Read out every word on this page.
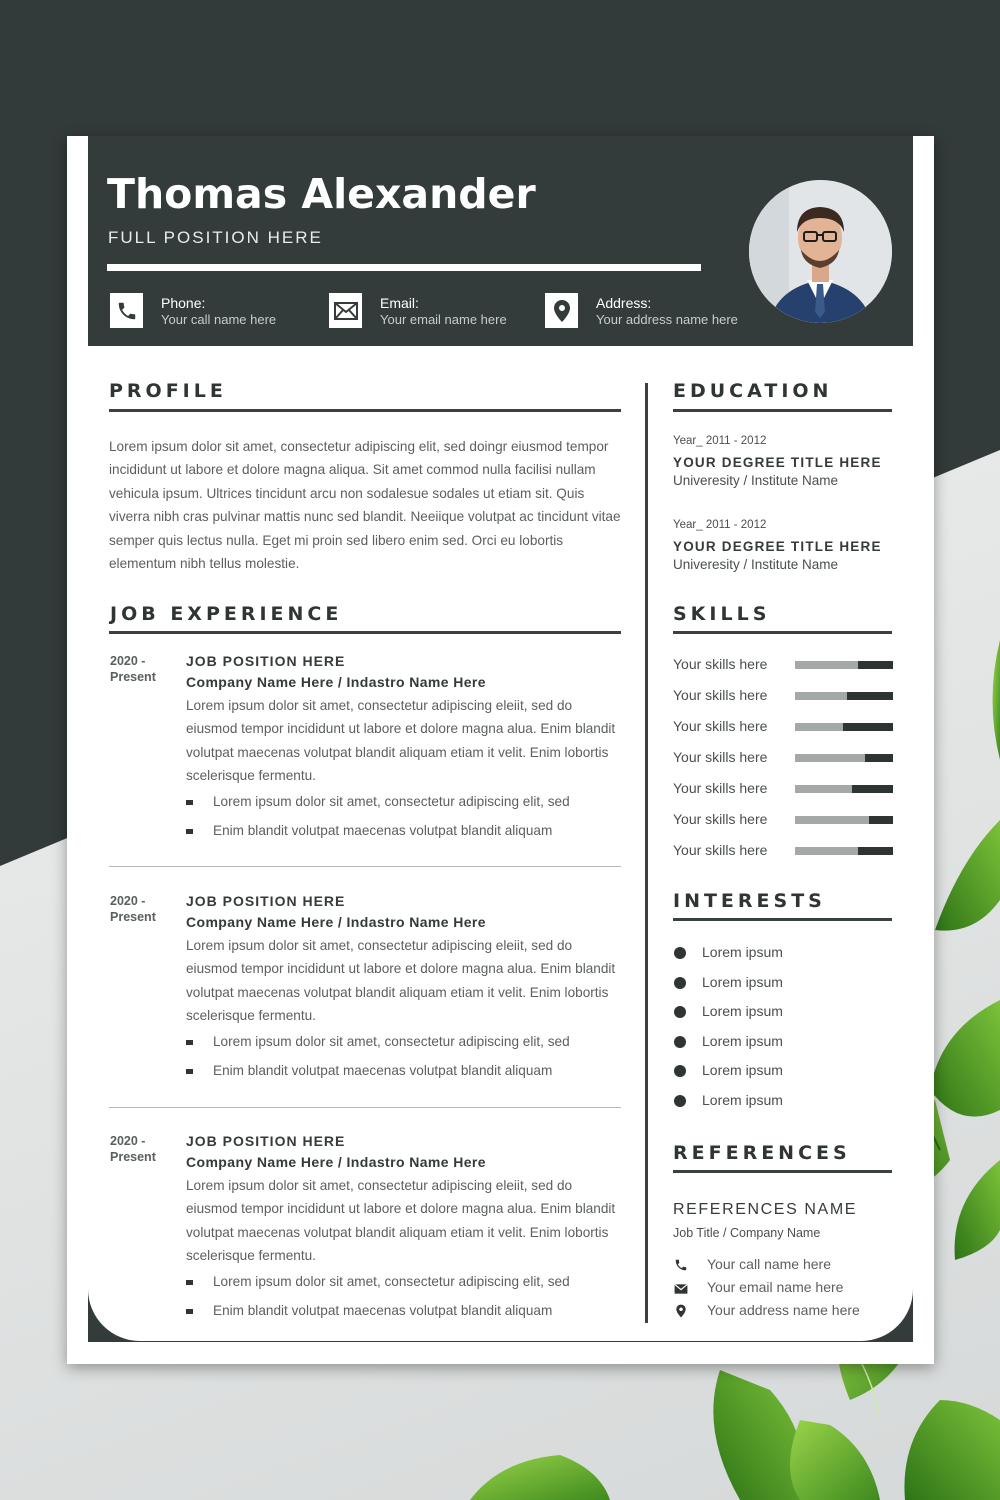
Thomas Alexander
FULL POSITION HERE
Phone:
Your call name here
Email:
Your email name here
Address:
Your address name here
PROFILE
Lorem ipsum dolor sit amet, consectetur adipiscing elit, sed doingr eiusmod tempor incididunt ut labore et dolore magna aliqua. Sit amet commod nulla facilisi nullam vehicula ipsum. Ultrices tincidunt arcu non sodalesue sodales ut etiam sit. Quis viverra nibh cras pulvinar mattis nunc sed blandit. Neeiique volutpat ac tincidunt vitae semper quis lectus nulla. Eget mi proin sed libero enim sed. Orci eu lobortis elementum nibh tellus molestie.
JOB EXPERIENCE
2020 -
Present
JOB POSITION HERE
Company Name Here / Indastro Name Here
Lorem ipsum dolor sit amet, consectetur adipiscing eleiit, sed do eiusmod tempor incididunt ut labore et dolore magna alua. Enim blandit volutpat maecenas volutpat blandit aliquam etiam it velit. Enim lobortis scelerisque fermentu.
Lorem ipsum dolor sit amet, consectetur adipiscing elit, sed
Enim blandit volutpat maecenas volutpat blandit aliquam
2020 -
Present
JOB POSITION HERE
Company Name Here / Indastro Name Here
Lorem ipsum dolor sit amet, consectetur adipiscing eleiit, sed do eiusmod tempor incididunt ut labore et dolore magna alua. Enim blandit volutpat maecenas volutpat blandit aliquam etiam it velit. Enim lobortis scelerisque fermentu.
Lorem ipsum dolor sit amet, consectetur adipiscing elit, sed
Enim blandit volutpat maecenas volutpat blandit aliquam
2020 -
Present
JOB POSITION HERE
Company Name Here / Indastro Name Here
Lorem ipsum dolor sit amet, consectetur adipiscing eleiit, sed do eiusmod tempor incididunt ut labore et dolore magna alua. Enim blandit volutpat maecenas volutpat blandit aliquam etiam it velit. Enim lobortis scelerisque fermentu.
Lorem ipsum dolor sit amet, consectetur adipiscing elit, sed
Enim blandit volutpat maecenas volutpat blandit aliquam
EDUCATION
Year_ 2011 - 2012
YOUR DEGREE TITLE HERE
Univeresity / Institute Name
Year_ 2011 - 2012
YOUR DEGREE TITLE HERE
Univeresity / Institute Name
SKILLS
Your skills here
Your skills here
Your skills here
Your skills here
Your skills here
Your skills here
Your skills here
INTERESTS
Lorem ipsum
Lorem ipsum
Lorem ipsum
Lorem ipsum
Lorem ipsum
Lorem ipsum
REFERENCES
REFERENCES NAME
Job Title / Company Name
Your call name here
Your email name here
Your address name here
